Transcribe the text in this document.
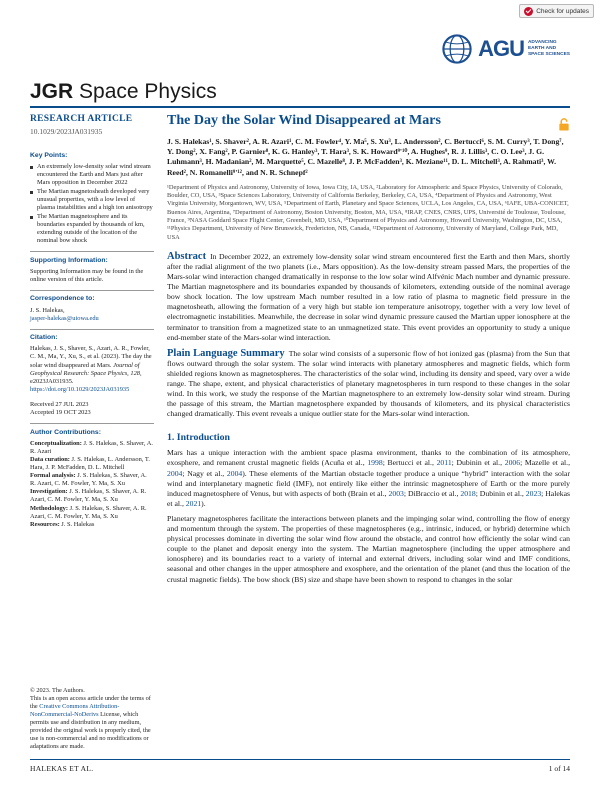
Check for updates
AGU ADVANCING
EARTH AND
SPACE SCIENCES
JGR Space Physics
RESEARCH ARTICLE
10.1029/2023JA031935
Key Points:
An extremely low-density solar wind stream encountered the Earth and Mars just after Mars opposition in December 2022
The Martian magnetosheath developed very unusual properties, with a low level of plasma instabilities and a high ion anisotropy
The Martian magnetosphere and its boundaries expanded by thousands of km, extending outside of the location of the nominal bow shock
Supporting Information:

Supporting Information may be found in the online version of this article.

Correspondence to:

J. S. Halekas,

jasper-halekas@uiowa.edu

Citation:

Halekas, J. S., Shaver, S., Azari, A. R., Fowler, C. M., Ma, Y., Xu, S., et al. (2023). The day the solar wind disappeared at Mars. Journal of Geophysical Research: Space Physics, 128, e2023JA031935. https://doi.org/10.1029/2023JA031935

Received 27 JUL 2023

Accepted 19 OCT 2023

Author Contributions:

Conceptualization: J. S. Halekas, S. Shaver, A. R. Azari

Data curation: J. S. Halekas, L. Andersson, T. Hara, J. P. McFadden, D. L. Mitchell

Formal analysis: J. S. Halekas, S. Shaver, A. R. Azari, C. M. Fowler, Y. Ma, S. Xu

Investigation: J. S. Halekas, S. Shaver, A. R. Azari, C. M. Fowler, Y. Ma, S. Xu

Methodology: J. S. Halekas, S. Shaver, A. R. Azari, C. M. Fowler, Y. Ma, S. Xu

Resources: J. S. Halekas

© 2023. The Authors.

This is an open access article under the terms of the Creative Commons Attribution-NonCommercial-NoDerivs License, which permits use and distribution in any medium, provided the original work is properly cited, the use is non-commercial and no modifications or adaptations are made.

The Day the Solar Wind Disappeared at Mars
J. S. Halekas¹, S. Shaver², A. R. Azari¹, C. M. Fowler⁴, Y. Ma⁵, S. Xu³, L. Andersson², C. Bertucci⁶, S. M. Curry³, T. Dong⁷, Y. Dong², X. Fang², P. Garnier⁸, K. G. Hanley³, T. Hara³, S. K. Howard⁹'¹⁰, A. Hughes⁹, R. J. Lillis³, C. O. Lee³, J. G. Luhmann³, H. Madanian², M. Marquette⁵, C. Mazelle⁸, J. P. McFadden³, K. Meziane¹¹, D. L. Mitchell³, A. Rahmati³, W. Reed², N. Romanelli⁹'¹², and N. R. Schnepf²
¹Department of Physics and Astronomy, University of Iowa, Iowa City, IA, USA, ²Laboratory for Atmospheric and Space Physics, University of Colorado, Boulder, CO, USA, ³Space Sciences Laboratory, University of California Berkeley, Berkeley, CA, USA, ⁴Department of Physics and Astronomy, West Virginia University, Morgantown, WV, USA, ⁵Department of Earth, Planetary and Space Sciences, UCLA, Los Angeles, CA, USA, ⁶IAFE, UBA-CONICET, Buenos Aires, Argentina, ⁷Department of Astronomy, Boston University, Boston, MA, USA, ⁸IRAP, CNES, CNRS, UPS, Université de Toulouse, Toulouse, France, ⁹NASA Goddard Space Flight Center, Greenbelt, MD, USA, ¹⁰Department of Physics and Astronomy, Howard University, Washington, DC, USA, ¹¹Physics Department, University of New Brunswick, Fredericton, NB, Canada, ¹²Department of Astronomy, University of Maryland, College Park, MD, USA
Abstract In December 2022, an extremely low-density solar wind stream encountered first the Earth and then Mars, shortly after the radial alignment of the two planets (i.e., Mars opposition). As the low-density stream passed Mars, the properties of the Mars-solar wind interaction changed dramatically in response to the low solar wind Alfvénic Mach number and dynamic pressure. The Martian magnetosphere and its boundaries expanded by thousands of kilometers, extending outside of the nominal average bow shock location. The low upstream Mach number resulted in a low ratio of plasma to magnetic field pressure in the magnetosheath, allowing the formation of a very high but stable ion temperature anisotropy, together with a very low level of electromagnetic instabilities. Meanwhile, the decrease in solar wind dynamic pressure caused the Martian upper ionosphere at the terminator to transition from a magnetized state to an unmagnetized state. This event provides an opportunity to study a unique end-member state of the Mars-solar wind interaction.
Plain Language Summary The solar wind consists of a supersonic flow of hot ionized gas (plasma) from the Sun that flows outward through the solar system. The solar wind interacts with planetary atmospheres and magnetic fields, which form shielded regions known as magnetospheres. The characteristics of the solar wind, including its density and speed, vary over a wide range. The shape, extent, and physical characteristics of planetary magnetospheres in turn respond to these changes in the solar wind. In this work, we study the response of the Martian magnetosphere to an extremely low-density solar wind stream. During the passage of this stream, the Martian magnetosphere expanded by thousands of kilometers, and its physical characteristics changed dramatically. This event reveals a unique outlier state for the Mars-solar wind interaction.
1. Introduction

Mars has a unique interaction with the ambient space plasma environment, thanks to the combination of its atmosphere, exosphere, and remanent crustal magnetic fields (Acuña et al., 1998; Bertucci et al., 2011; Dubinin et al., 2006; Mazelle et al., 2004; Nagy et al., 2004). These elements of the Martian obstacle together produce a unique “hybrid” interaction with the solar wind and interplanetary magnetic field (IMF), not entirely like either the intrinsic magnetosphere of Earth or the more purely induced magnetosphere of Venus, but with aspects of both (Brain et al., 2003; DiBraccio et al., 2018; Dubinin et al., 2023; Halekas et al., 2021).

Planetary magnetospheres facilitate the interactions between planets and the impinging solar wind, controlling the flow of energy and momentum through the system. The properties of these magnetospheres (e.g., intrinsic, induced, or hybrid) determine which physical processes dominate in diverting the solar wind flow around the obstacle, and control how efficiently the solar wind can couple to the planet and deposit energy into the system. The Martian magnetosphere (including the upper atmosphere and ionosphere) and its boundaries react to a variety of internal and external drivers, including solar wind and IMF conditions, seasonal and other changes in the upper atmosphere and exosphere, and the orientation of the planet (and thus the location of the crustal magnetic fields). The bow shock (BS) size and shape have been shown to respond to changes in the solar

HALEKAS ET AL.	1 of 14
